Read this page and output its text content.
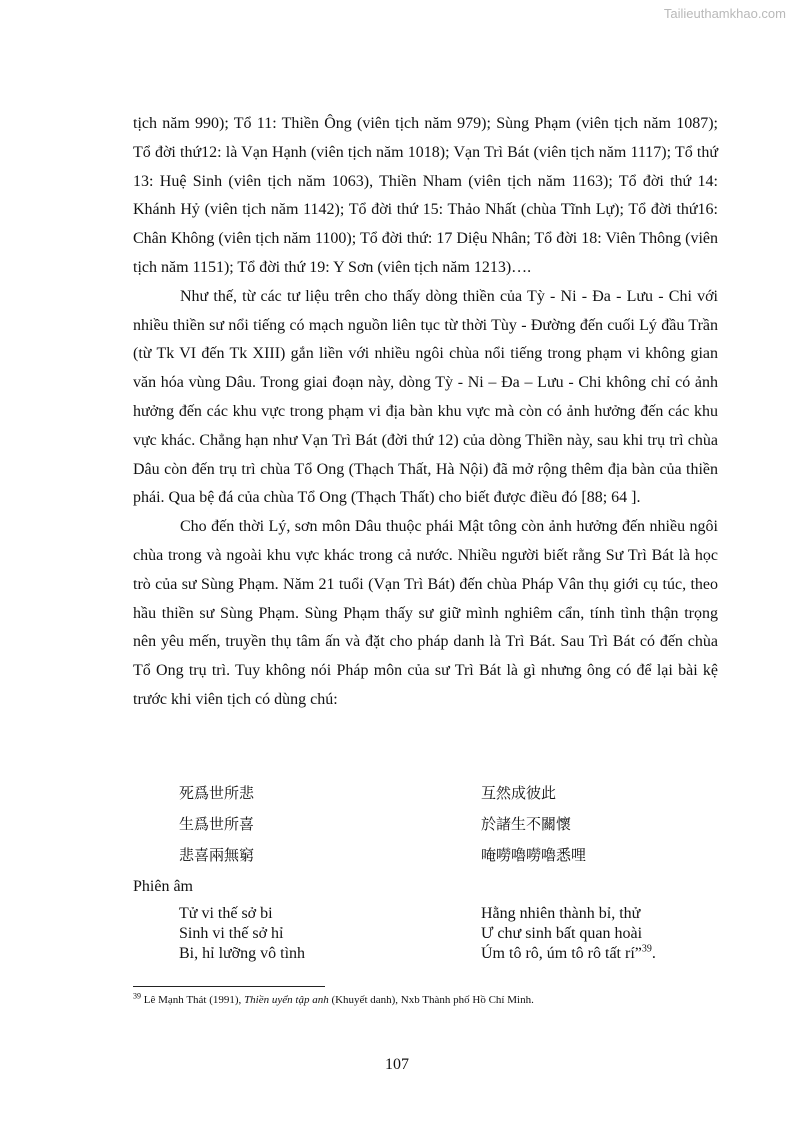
Tailieuthamkhao.com

tịch năm 990); Tổ 11: Thiền Ông (viên tịch năm 979); Sùng Phạm (viên tịch năm 1087); Tổ đời thứ12: là Vạn Hạnh (viên tịch năm 1018); Vạn Trì Bát (viên tịch năm 1117); Tổ thứ 13: Huệ Sinh (viên tịch năm 1063), Thiền Nham (viên tịch năm 1163); Tổ đời thứ 14: Khánh Hỷ (viên tịch năm 1142); Tổ đời thứ 15: Thảo Nhất (chùa Tĩnh Lự); Tổ đời thứ16: Chân Không (viên tịch năm 1100); Tổ đời thứ: 17 Diệu Nhân; Tổ đời 18: Viên Thông (viên tịch năm 1151); Tổ đời thứ 19: Y Sơn (viên tịch năm 1213)….

Như thế, từ các tư liệu trên cho thấy dòng thiền của Tỳ - Ni - Đa - Lưu - Chi với nhiều thiền sư nổi tiếng có mạch nguồn liên tục từ thời Tùy - Đường đến cuối Lý đầu Trần (từ Tk VI đến Tk XIII) gắn liền với nhiều ngôi chùa nổi tiếng trong phạm vi không gian văn hóa vùng Dâu. Trong giai đoạn này, dòng Tỳ - Ni – Đa – Lưu - Chi không chỉ có ảnh hưởng đến các khu vực trong phạm vi địa bàn khu vực mà còn có ảnh hưởng đến các khu vực khác. Chẳng hạn như Vạn Trì Bát (đời thứ 12) của dòng Thiền này, sau khi trụ trì chùa Dâu còn đến trụ trì chùa Tổ Ong (Thạch Thất, Hà Nội) đã mở rộng thêm địa bàn của thiền phái. Qua bệ đá của chùa Tổ Ong (Thạch Thất) cho biết được điều đó [88; 64 ].

Cho đến thời Lý, sơn môn Dâu thuộc phái Mật tông còn ảnh hưởng đến nhiều ngôi chùa trong và ngoài khu vực khác trong cả nước. Nhiều người biết rằng Sư Trì Bát là học trò của sư Sùng Phạm. Năm 21 tuổi (Vạn Trì Bát) đến chùa Pháp Vân thụ giới cụ túc, theo hầu thiền sư Sùng Phạm. Sùng Phạm thấy sư giữ mình nghiêm cẩn, tính tình thận trọng nên yêu mến, truyền thụ tâm ấn và đặt cho pháp danh là Trì Bát. Sau Trì Bát có đến chùa Tổ Ong trụ trì. Tuy không nói Pháp môn của sư Trì Bát là gì nhưng ông có để lại bài kệ trước khi viên tịch có dùng chú:

死爲世所悲	互然成彼此
生爲世所喜	於諸生不關懷
悲喜兩無窮	唵嘮嚕嘮嚕悉哩
Phiên âm
Tử vi thế sở bi	Hằng nhiên thành bỉ, thử
Sinh vi thế sở hỉ	Ư chư sinh bất quan hoài
Bi, hỉ lưỡng vô tình	Úm tô rô, úm tô rô tất rí”$^{39}$.
$^{39}$ Lê Mạnh Thát (1991), Thiền uyển tập anh (Khuyết danh), Nxb Thành phố Hồ Chí Minh.
107
